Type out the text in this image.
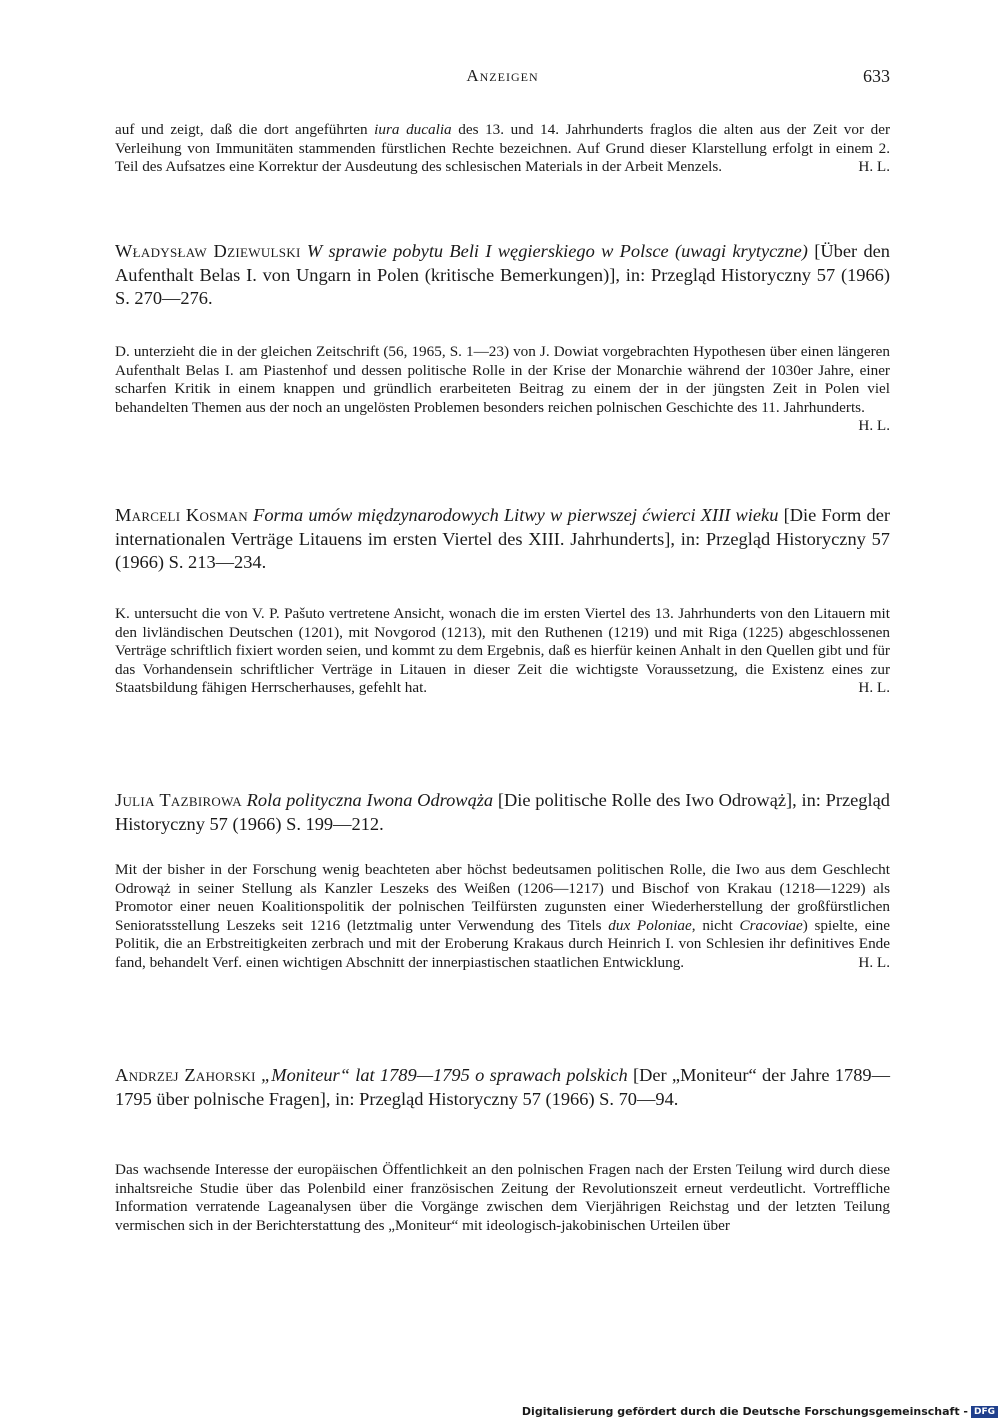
Anzeigen	633
auf und zeigt, daß die dort angeführten iura ducalia des 13. und 14. Jahrhunderts fraglos die alten aus der Zeit vor der Verleihung von Immunitäten stammenden fürstlichen Rechte bezeichnen. Auf Grund dieser Klarstellung erfolgt in einem 2. Teil des Aufsatzes eine Korrektur der Ausdeutung des schlesischen Materials in der Arbeit Menzels.	H. L.
Władysław Dziewulski W sprawie pobytu Beli I węgierskiego w Polsce (uwagi krytyczne) [Über den Aufenthalt Belas I. von Ungarn in Polen (kritische Bemerkungen)], in: Przegląd Historyczny 57 (1966) S. 270—276.
D. unterzieht die in der gleichen Zeitschrift (56, 1965, S. 1—23) von J. Dowiat vorgebrachten Hypothesen über einen längeren Aufenthalt Belas I. am Piastenhof und dessen politische Rolle in der Krise der Monarchie während der 1030er Jahre, einer scharfen Kritik in einem knappen und gründlich erarbeiteten Beitrag zu einem der in der jüngsten Zeit in Polen viel behandelten Themen aus der noch an ungelösten Problemen besonders reichen polnischen Geschichte des 11. Jahrhunderts.
H. L.
Marceli Kosman Forma umów międzynarodowych Litwy w pierwszej ćwierci XIII wieku [Die Form der internationalen Verträge Litauens im ersten Viertel des XIII. Jahrhunderts], in: Przegląd Historyczny 57 (1966) S. 213—234.
K. untersucht die von V. P. Pašuto vertretene Ansicht, wonach die im ersten Viertel des 13. Jahrhunderts von den Litauern mit den livländischen Deutschen (1201), mit Novgorod (1213), mit den Ruthenen (1219) und mit Riga (1225) abgeschlossenen Verträge schriftlich fixiert worden seien, und kommt zu dem Ergebnis, daß es hierfür keinen Anhalt in den Quellen gibt und für das Vorhandensein schriftlicher Verträge in Litauen in dieser Zeit die wichtigste Voraussetzung, die Existenz eines zur Staatsbildung fähigen Herrscherhauses, gefehlt hat.	H. L.
Julia Tazbirowa Rola polityczna Iwona Odrowąża [Die politische Rolle des Iwo Odrowąż], in: Przegląd Historyczny 57 (1966) S. 199—212.
Mit der bisher in der Forschung wenig beachteten aber höchst bedeutsamen politischen Rolle, die Iwo aus dem Geschlecht Odrowąż in seiner Stellung als Kanzler Leszeks des Weißen (1206—1217) und Bischof von Krakau (1218—1229) als Promotor einer neuen Koalitionspolitik der polnischen Teilfürsten zugunsten einer Wiederherstellung der großfürstlichen Senioratsstellung Leszeks seit 1216 (letztmalig unter Verwendung des Titels dux Poloniae, nicht Cracoviae) spielte, eine Politik, die an Erbstreitigkeiten zerbrach und mit der Eroberung Krakaus durch Heinrich I. von Schlesien ihr definitives Ende fand, behandelt Verf. einen wichtigen Abschnitt der innerpiastischen staatlichen Entwicklung.	H. L.
Andrzej Zahorski „Moniteur“ lat 1789—1795 o sprawach polskich [Der „Moniteur“ der Jahre 1789—1795 über polnische Fragen], in: Przegląd Historyczny 57 (1966) S. 70—94.
Das wachsende Interesse der europäischen Öffentlichkeit an den polnischen Fragen nach der Ersten Teilung wird durch diese inhaltsreiche Studie über das Polenbild einer französischen Zeitung der Revolutionszeit erneut verdeutlicht. Vortreffliche Information verratende Lageanalysen über die Vorgänge zwischen dem Vierjährigen Reichstag und der letzten Teilung vermischen sich in der Berichterstattung des „Moniteur“ mit ideologisch-jakobinischen Urteilen über
Digitalisierung gefördert durch die Deutsche Forschungsgemeinschaft - DFG
